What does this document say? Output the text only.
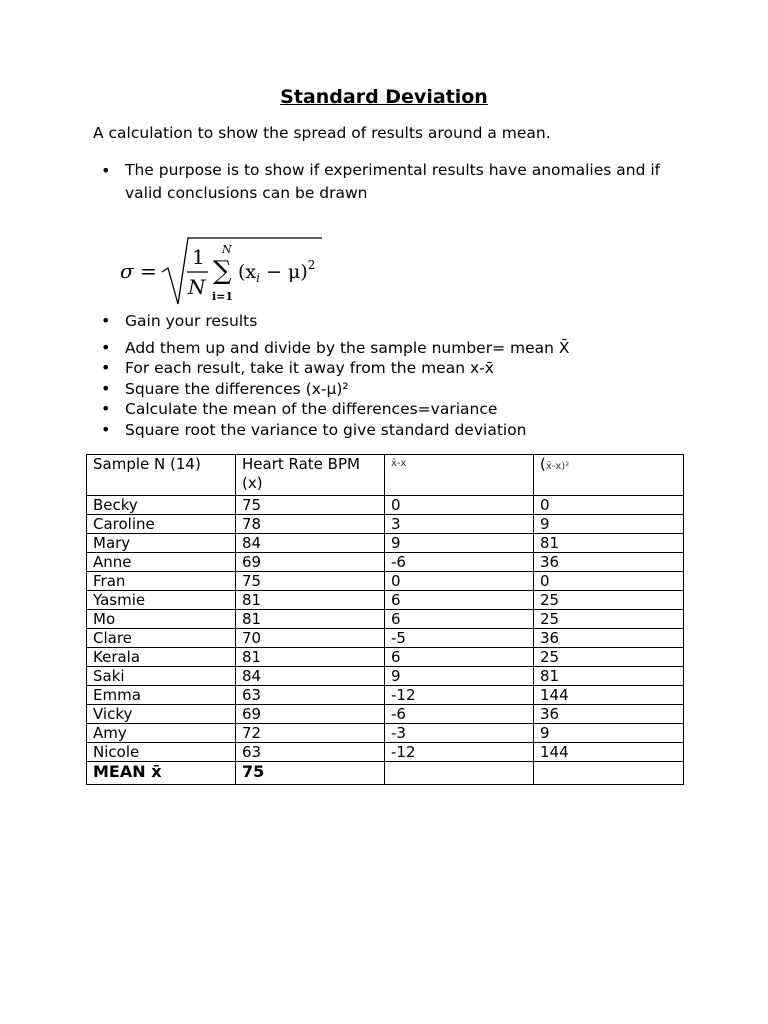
Standard Deviation

A calculation to show the spread of results around a mean.

• The purpose is to show if experimental results have anomalies and if valid conclusions can be drawn
σ =
1
N
N
∑
i=1
$(x_i - \mu)^2$
• Gain your results
• Add them up and divide by the sample number= mean X̄
• For each result, take it away from the mean x-x̄
• Square the differences (x-μ)²
• Calculate the mean of the differences=variance
• Square root the variance to give standard deviation
Sample N (14)	Heart Rate BPM (x)	x̄-x	(x̄-x)²
Becky	75	0	0
Caroline	78	3	9
Mary	84	9	81
Anne	69	-6	36
Fran	75	0	0
Yasmie	81	6	25
Mo	81	6	25
Clare	70	-5	36
Kerala	81	6	25
Saki	84	9	81
Emma	63	-12	144
Vicky	69	-6	36
Amy	72	-3	9
Nicole	63	-12	144
MEAN x̄	75		
